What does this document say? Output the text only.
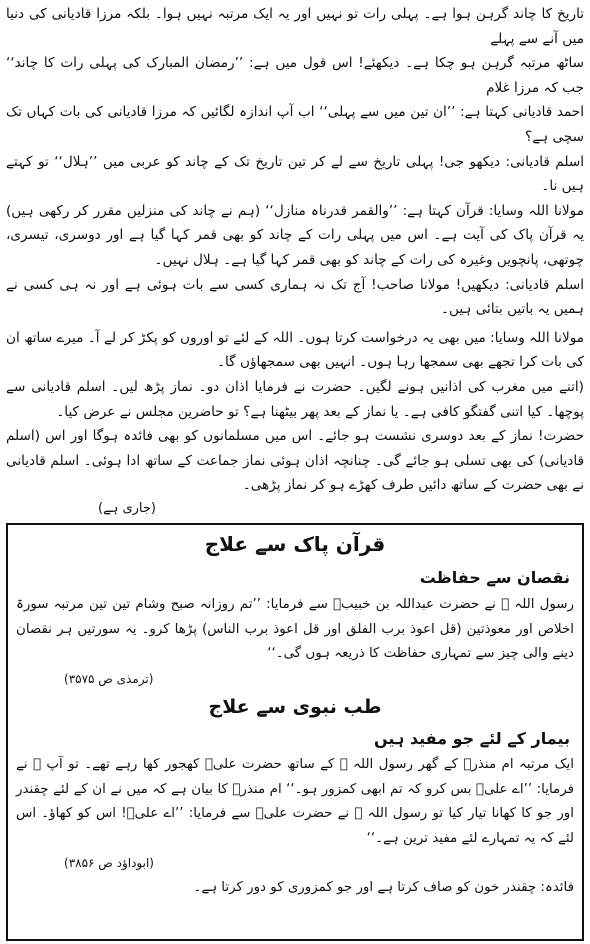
تاریخ کا چاند گرہن ہوا ہے۔ پہلی رات تو نہیں اور یہ ایک مرتبہ نہیں ہوا۔ بلکہ مرزا قادیانی کی دنیا میں آنے سے پہلے

ساٹھ مرتبہ گرہن ہو چکا ہے۔ دیکھئے! اس قول میں ہے: ’’رمضان المبارک کی پہلی رات کا چاند‘‘ جب کہ مرزا غلام

احمد قادیانی کہتا ہے: ’’ان تین میں سے پہلی‘‘ اب آپ اندازہ لگائیں کہ مرزا قادیانی کی بات کہاں تک سچی ہے؟

اسلم قادیانی: دیکھو جی! پہلی تاریخ سے لے کر تین تاریخ تک کے چاند کو عربی میں ’’ہلال‘‘ تو کہتے ہیں نا۔

مولانا اللہ وسایا: قرآن کہتا ہے: ’’والقمر قدرناہ منازل‘‘ (ہم نے چاند کی منزلیں مقرر کر رکھی ہیں) یہ قرآن پاک کی آیت ہے۔ اس میں پہلی رات کے چاند کو بھی قمر کہا گیا ہے اور دوسری، تیسری، چوتھی، پانچویں وغیرہ کی رات کے چاند کو بھی قمر کہا گیا ہے۔ ہلال نہیں۔

اسلم قادیانی: دیکھیں! مولانا صاحب! آج تک نہ ہماری کسی سے بات ہوئی ہے اور نہ ہی کسی نے ہمیں یہ باتیں بتائی ہیں۔

مولانا اللہ وسایا: میں بھی یہ درخواست کرتا ہوں۔ اللہ کے لئے تو اوروں کو پکڑ کر لے آ۔ میرے ساتھ ان کی بات کرا تجھے بھی سمجھا رہا ہوں۔ انہیں بھی سمجھاؤں گا۔

(اتنے میں مغرب کی اذانیں ہونے لگیں۔ حضرت نے فرمایا اذان دو۔ نماز پڑھ لیں۔ اسلم قادیانی سے پوچھا۔ کیا اتنی گفتگو کافی ہے۔ یا نماز کے بعد پھر بیٹھنا ہے؟ تو حاضرین مجلس نے عرض کیا۔

حضرت! نماز کے بعد دوسری نشست ہو جائے۔ اس میں مسلمانوں کو بھی فائدہ ہوگا اور اس (اسلم قادیانی) کی بھی تسلی ہو جائے گی۔ چنانچہ اذان ہوئی نماز جماعت کے ساتھ ادا ہوئی۔ اسلم قادیانی نے بھی حضرت کے ساتھ دائیں طرف کھڑے ہو کر نماز پڑھی۔

(جاری ہے)

قرآن پاک سے علاج

نقصان سے حفاظت

رسول اللہ ﷺ نے حضرت عبداللہ بن خبیبؓ سے فرمایا: ’’تم روزانہ صبح وشام تین تین مرتبہ سورۃ اخلاص اور معوذتین (قل اعوذ برب الفلق اور قل اعوذ برب الناس) پڑھا کرو۔ یہ سورتیں ہر نقصان دینے والی چیز سے تمہاری حفاظت کا ذریعہ ہوں گی۔‘‘

(ترمذی ص ۳۵۷۵)

طب نبوی سے علاج

بیمار کے لئے جو مفید ہیں

ایک مرتبہ ام منذرؓ کے گھر رسول اللہ ﷺ کے ساتھ حضرت علیؓ کھجور کھا رہے تھے۔ تو آپ ﷺ نے فرمایا: ’’اے علیؓ بس کرو کہ تم ابھی کمزور ہو۔‘‘ ام منذرؓ کا بیان ہے کہ میں نے ان کے لئے چقندر اور جو کا کھانا تیار کیا تو رسول اللہ ﷺ نے حضرت علیؓ سے فرمایا: ’’اے علیؓ! اس کو کھاؤ۔ اس لئے کہ یہ تمہارے لئے مفید ترین ہے۔‘‘

(ابوداؤد ص ۳۸۵۶)

فائدہ: چقندر خون کو صاف کرتا ہے اور جو کمزوری کو دور کرتا ہے۔
